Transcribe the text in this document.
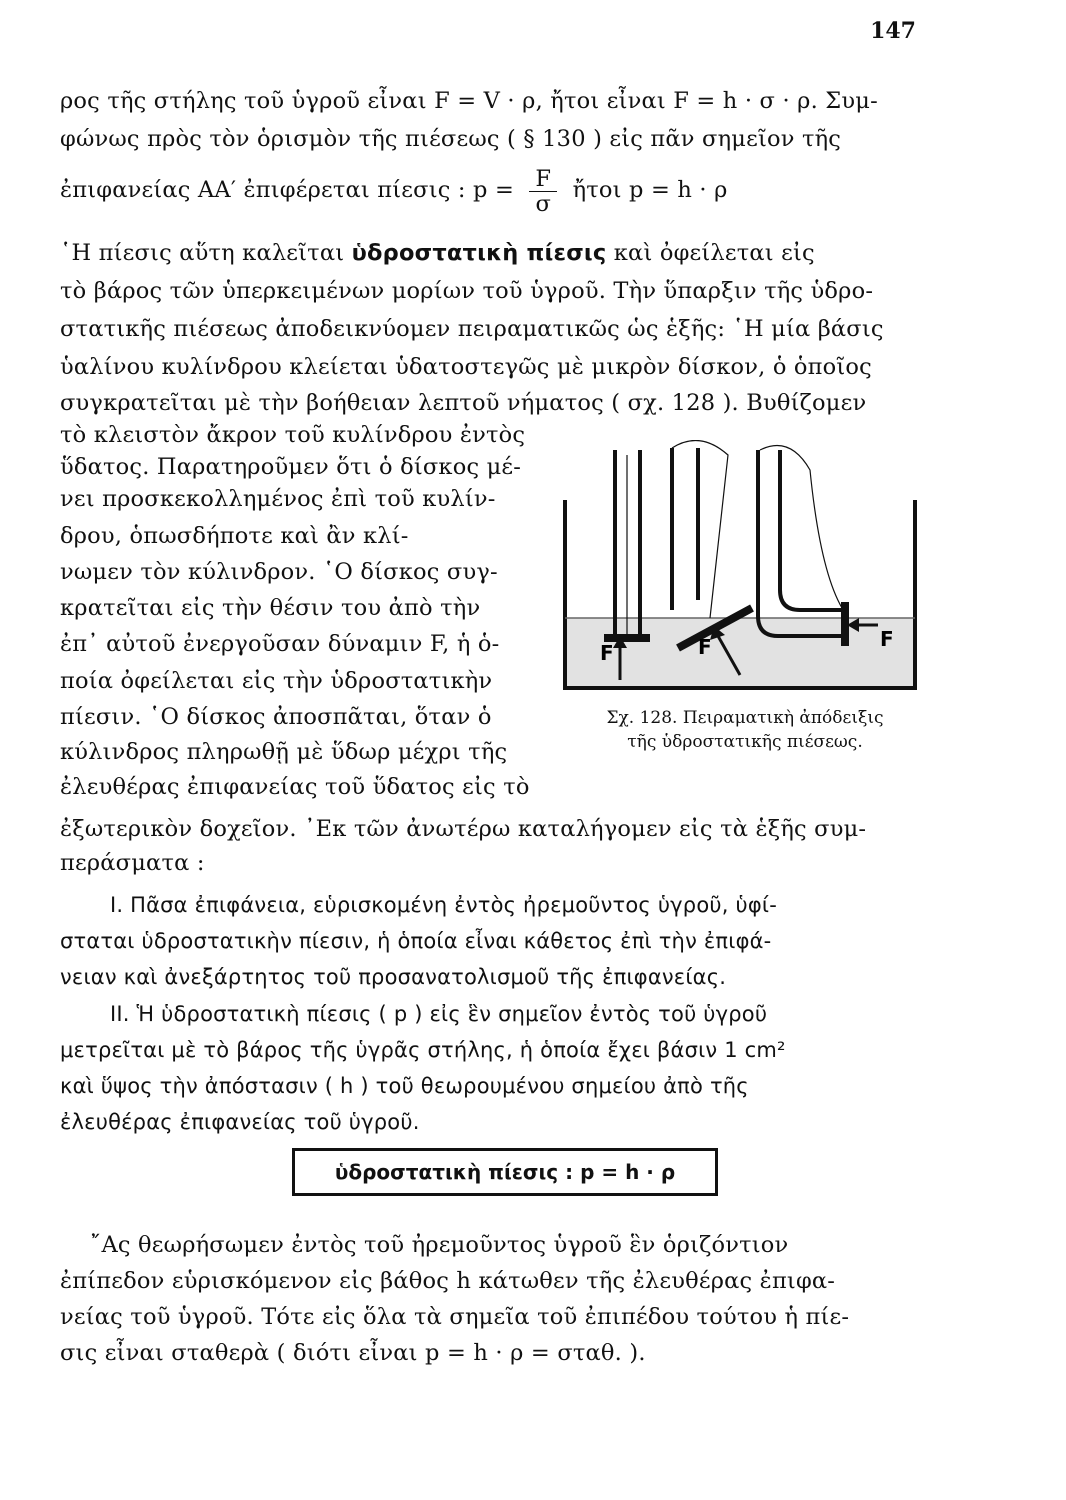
147
ρος τῆς στήλης τοῦ ὑγροῦ εἶναι F = V · ρ, ἤτοι εἶναι F = h · σ · ρ. Συμ-
φώνως πρὸς τὸν ὁρισμὸν τῆς πιέσεως ( § 130 ) εἰς πᾶν σημεῖον τῆς
ἐπιφανείας ΑΑ′ ἐπιφέρεται πίεσις : $p = \frac{F}{\sigma}$ ἤτοι p = h · ρ
῾Η πίεσις αὕτη καλεῖται ὑδροστατικὴ πίεσις καὶ ὀφείλεται εἰς
τὸ βάρος τῶν ὑπερκειμένων μορίων τοῦ ὑγροῦ. Τὴν ὕπαρξιν τῆς ὑδρο-
στατικῆς πιέσεως ἀποδεικνύομεν πειραματικῶς ὡς ἑξῆς: ῾Η μία βάσις
ὑαλίνου κυλίνδρου κλείεται ὑδατοστεγῶς μὲ μικρὸν δίσκον, ὁ ὁποῖος
συγκρατεῖται μὲ τὴν βοήθειαν λεπτοῦ νήματος ( σχ. 128 ). Βυθίζομεν
τὸ κλειστὸν ἄκρον τοῦ κυλίνδρου ἐντὸς
ὕδατος. Παρατηροῦμεν ὅτι ὁ δίσκος μέ-
νει προσκεκολλημένος ἐπὶ τοῦ κυλίν-
δρου, ὁπωσδήποτε καὶ ἂν κλί-
νωμεν τὸν κύλινδρον. ῾Ο δίσκος συγ-
κρατεῖται εἰς τὴν θέσιν του ἀπὸ τὴν
ἐπ᾽ αὐτοῦ ἐνεργοῦσαν δύναμιν F, ἡ ὁ-
ποία ὀφείλεται εἰς τὴν ὑδροστατικὴν
πίεσιν. ῾Ο δίσκος ἀποσπᾶται, ὅταν ὁ
κύλινδρος πληρωθῇ μὲ ὕδωρ μέχρι τῆς
ἐλευθέρας ἐπιφανείας τοῦ ὕδατος εἰς τὸ
F	F	F
Σχ. 128. Πειραματικὴ ἀπόδειξις
τῆς ὑδροστατικῆς πιέσεως.
ἐξωτερικὸν δοχεῖον. ᾿Εκ τῶν ἀνωτέρω καταλήγομεν εἰς τὰ ἑξῆς συμ-
περάσματα :
I. Πᾶσα ἐπιφάνεια, εὑρισκομένη ἐντὸς ἠρεμοῦντος ὑγροῦ, ὑφί-
σταται ὑδροστατικὴν πίεσιν, ἡ ὁποία εἶναι κάθετος ἐπὶ τὴν ἐπιφά-
νειαν καὶ ἀνεξάρτητος τοῦ προσανατολισμοῦ τῆς ἐπιφανείας.
II. Ἡ ὑδροστατικὴ πίεσις ( p ) εἰς ἓν σημεῖον ἐντὸς τοῦ ὑγροῦ
μετρεῖται μὲ τὸ βάρος τῆς ὑγρᾶς στήλης, ἡ ὁποία ἔχει βάσιν 1 cm²
καὶ ὕψος τὴν ἀπόστασιν ( h ) τοῦ θεωρουμένου σημείου ἀπὸ τῆς
ἐλευθέρας ἐπιφανείας τοῦ ὑγροῦ.
ὑδροστατικὴ πίεσις : p = h · ρ
῎Ας θεωρήσωμεν ἐντὸς τοῦ ἠρεμοῦντος ὑγροῦ ἓν ὁριζόντιον
ἐπίπεδον εὑρισκόμενον εἰς βάθος h κάτωθεν τῆς ἐλευθέρας ἐπιφα-
νείας τοῦ ὑγροῦ. Τότε εἰς ὅλα τὰ σημεῖα τοῦ ἐπιπέδου τούτου ἡ πίε-
σις εἶναι σταθερὰ ( διότι εἶναι p = h · ρ = σταθ. ).
